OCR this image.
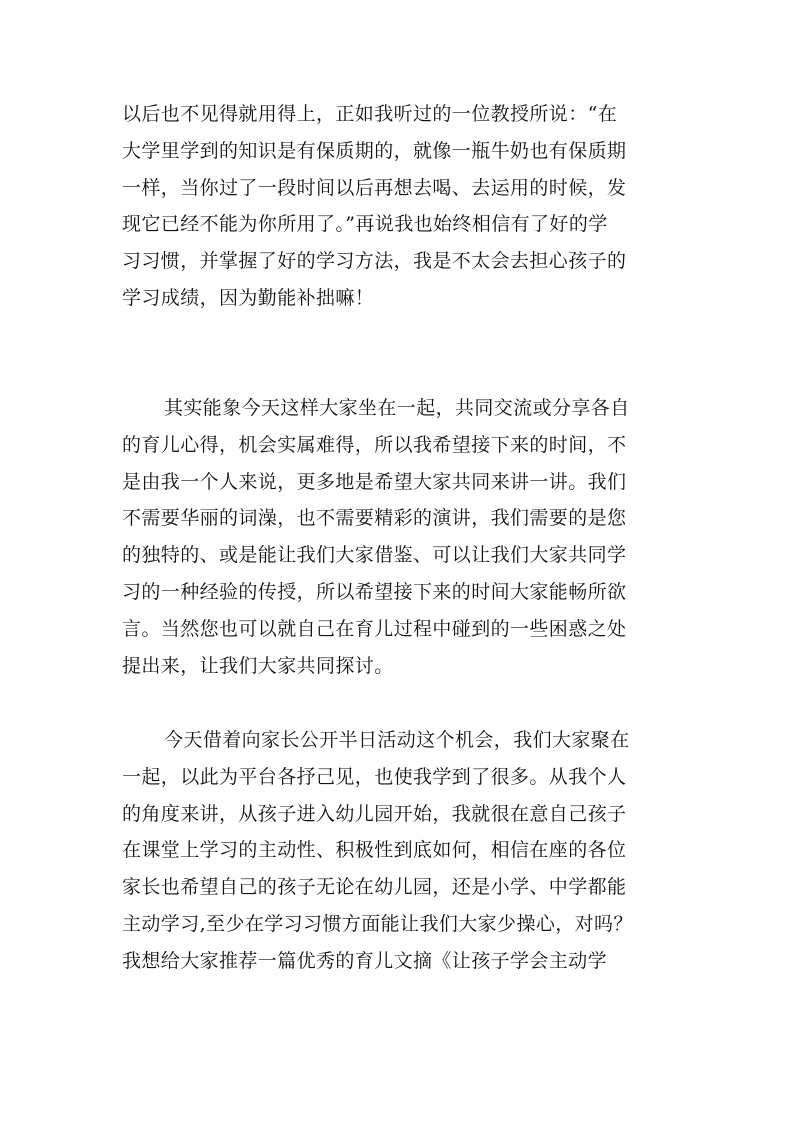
以后也不见得就用得上，正如我听过的一位教授所说：“在
大学里学到的知识是有保质期的，就像一瓶牛奶也有保质期
一样，当你过了一段时间以后再想去喝、去运用的时候，发
现它已经不能为你所用了。”再说我也始终相信有了好的学
习习惯，并掌握了好的学习方法，我是不太会去担心孩子的
学习成绩，因为勤能补拙嘛！
其实能象今天这样大家坐在一起，共同交流或分享各自
的育儿心得，机会实属难得，所以我希望接下来的时间，不
是由我一个人来说，更多地是希望大家共同来讲一讲。我们
不需要华丽的词澡，也不需要精彩的演讲，我们需要的是您
的独特的、或是能让我们大家借鉴、可以让我们大家共同学
习的一种经验的传授，所以希望接下来的时间大家能畅所欲
言。当然您也可以就自己在育儿过程中碰到的一些困惑之处
提出来，让我们大家共同探讨。
今天借着向家长公开半日活动这个机会，我们大家聚在
一起，以此为平台各抒己见，也使我学到了很多。从我个人
的角度来讲，从孩子进入幼儿园开始，我就很在意自己孩子
在课堂上学习的主动性、积极性到底如何，相信在座的各位
家长也希望自己的孩子无论在幼儿园，还是小学、中学都能
主动学习,至少在学习习惯方面能让我们大家少操心，对吗？
我想给大家推荐一篇优秀的育儿文摘《让孩子学会主动学
